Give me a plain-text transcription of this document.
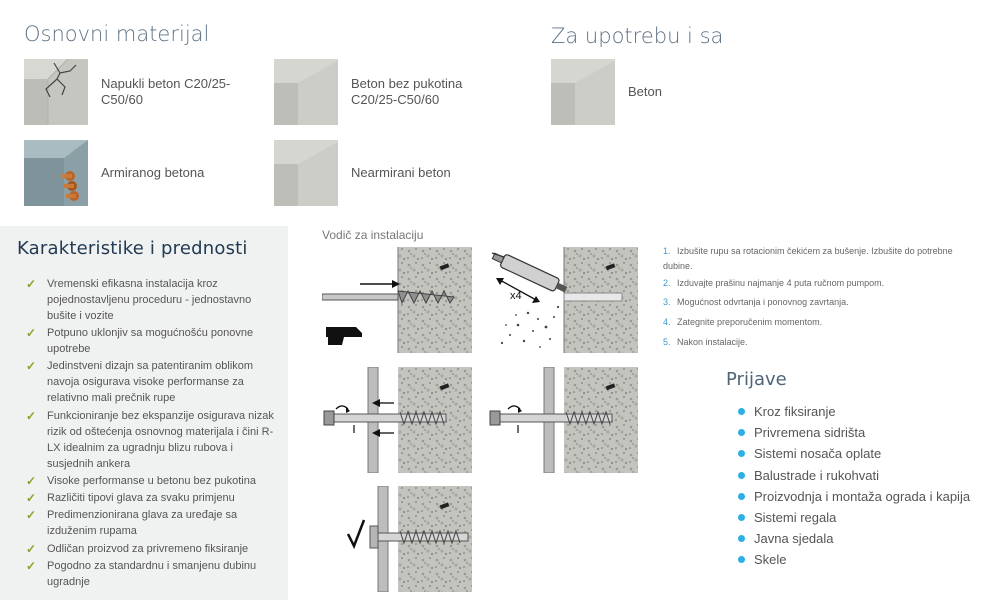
Osnovni materijal
Napukli beton C20/25-C50/60
Beton bez pukotina C20/25-C50/60
Armiranog betona	Nearmirani beton
Za upotrebu i sa
Beton
Karakteristike i prednosti
✓ Vremenski efikasna instalacija kroz pojednostavljenu proceduru - jednostavno bušite i vozite
✓ Potpuno uklonjiv sa mogućnošću ponovne upotrebe
✓ Jedinstveni dizajn sa patentiranim oblikom navoja osigurava visoke performanse za relativno mali prečnik rupe
✓ Funkcioniranje bez ekspanzije osigurava nizak rizik od oštećenja osnovnog materijala i čini R-LX idealnim za ugradnju blizu rubova i susjednih ankera
✓ Visoke performanse u betonu bez pukotina
✓ Različiti tipovi glava za svaku primjenu
✓ Predimenzionirana glava za uređaje sa izduženim rupama
✓ Odličan proizvod za privremeno fiksiranje
✓ Pogodno za standardnu i smanjenu dubinu ugradnje
Vodič za instalaciju
x4
1. Izbušite rupu sa rotacionim čekićem za bušenje. Izbušite do potrebne dubine.
2. Izduvajte prašinu najmanje 4 puta ručnom pumpom.
3. Mogućnost odvrtanja i ponovnog zavrtanja.
4. Zategnite preporučenim momentom.
5. Nakon instalacije.
Prijave
Kroz fiksiranje
Privremena sidrišta
Sistemi nosača oplate
Balustrade i rukohvati
Proizvodnja i montaža ograda i kapija
Sistemi regala
Javna sjedala
Skele
